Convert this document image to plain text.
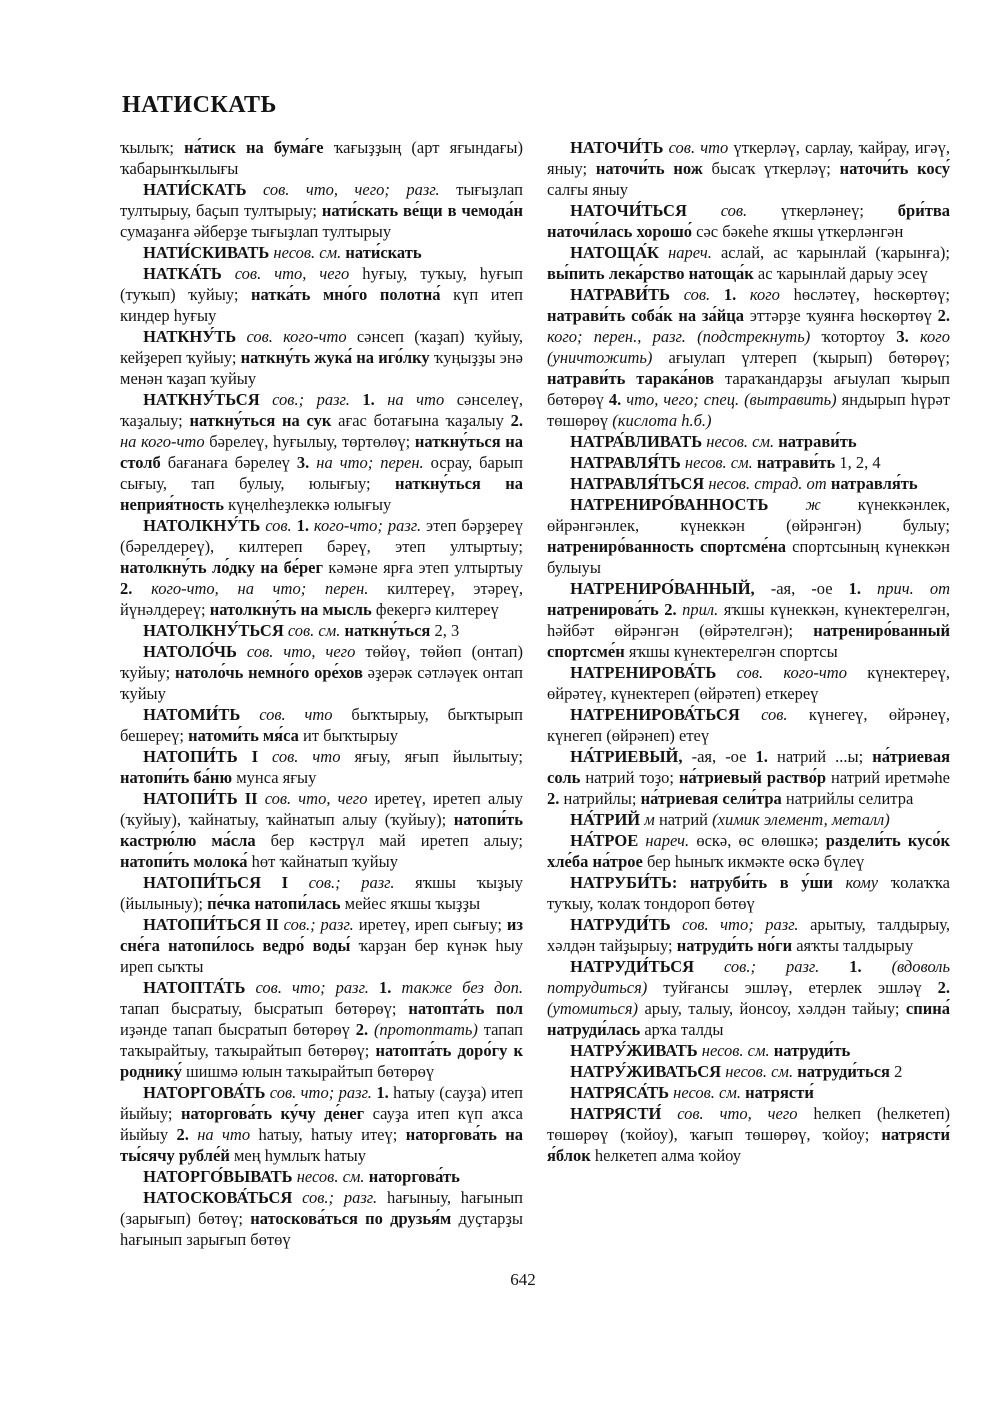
НАТИСКАТЬ

ҡылыҡ; на́тиск на бума́ге ҡағыҙҙың (арт яғындағы) ҡабарынҡылығы

НАТИ́СКАТЬ сов. что, чего; разг. тығыҙлап тултырыу, баҫып тултырыу; нати́скать ве́щи в чемода́н сумаҙанға әйберҙе тығыҙлап тултырыу

НАТИ́СКИВАТЬ несов. см. нати́скать

НАТКА́ТЬ сов. что, чего һуғыу, туҡыу, һуғып (туҡып) ҡуйыу; натка́ть мно́го полотна́ күп итеп киндер һуғыу

НАТКНУ́ТЬ сов. кого-что сәнсеп (ҡаҙап) ҡуйыу, кейҙереп ҡуйыу; наткну́ть жука́ на иго́лку ҡуңыҙҙы энә менән ҡаҙап ҡуйыу

НАТКНУ́ТЬСЯ сов.; разг. 1. на что сәнселеү, ҡаҙалыу; наткну́ться на сук ағас ботағына ҡаҙалыу 2. на кого-что бәрелеү, һуғылыу, төртөлөү; наткну́ться на столб бағанаға бәрелеү 3. на что; перен. осрау, барып сығыу, тап булыу, юлығыу; наткну́ться на неприя́тность күңелһеҙлеккә юлығыу

НАТОЛКНУ́ТЬ сов. 1. кого-что; разг. этеп бәрҙереү (бәрелдереү), килтереп бәреү, этеп ултыртыу; натолкну́ть ло́дку на бе́рег кәмәне ярға этеп ултыртыу 2. кого-что, на что; перен. килтереү, этәреү, йүнәлдереү; натолкну́ть на мысль фекергә килтереү

НАТОЛКНУ́ТЬСЯ сов. см. наткну́ться 2, 3

НАТОЛО́ЧЬ сов. что, чего төйөү, төйөп (онтап) ҡуйыу; натоло́чь немно́го оре́хов әҙерәк сәтләүек онтап ҡуйыу

НАТОМИ́ТЬ сов. что быҡтырыу, быҡтырып бешереү; натоми́ть мя́са ит быҡтырыу

НАТОПИ́ТЬ I сов. что яғыу, яғып йылытыу; натопи́ть ба́ню мунса яғыу

НАТОПИ́ТЬ II сов. что, чего иретеү, иретеп алыу (ҡуйыу), ҡайнатыу, ҡайнатып алыу (ҡуйыу); натопи́ть кастрю́лю ма́сла бер кәстрүл май иретеп алыу; натопи́ть молока́ һөт ҡайнатып ҡуйыу

НАТОПИ́ТЬСЯ I сов.; разг. яҡшы ҡыҙыу (йылыныу); пе́чка натопи́лась мейес яҡшы ҡыҙҙы

НАТОПИ́ТЬСЯ II сов.; разг. иретеү, иреп сығыу; из сне́га натопи́лось ведро́ воды́ ҡарҙан бер күнәк һыу иреп сыҡты

НАТОПТА́ТЬ сов. что; разг. 1. также без доп. тапап бысратыу, бысратып бөтөрөү; натопта́ть пол иҙәнде тапап бысратып бөтөрөү 2. (протоптать) тапап таҡырайтыу, таҡырайтып бөтөрөү; натопта́ть доро́гу к роднику́ шишмә юлын таҡырайтып бөтөрөү

НАТОРГОВА́ТЬ сов. что; разг. 1. һатыу (сауҙа) итеп йыйыу; наторгова́ть ку́чу де́нег сауҙа итеп күп аҡса йыйыу 2. на что һатыу, һатыу итеү; наторгова́ть на ты́сячу рубле́й мең һумлыҡ һатыу

НАТОРГО́ВЫВАТЬ несов. см. наторгова́ть

НАТОСКОВА́ТЬСЯ сов.; разг. һағыныу, һағынып (зарығып) бөтөү; натоскова́ться по друзья́м дуҫтарҙы һағынып зарығып бөтөү

НАТОЧИ́ТЬ сов. что үткерләү, сарлау, ҡайрау, игәү, яныу; наточи́ть нож бысаҡ үткерләү; наточи́ть косу́ салғы яныу

НАТОЧИ́ТЬСЯ сов. үткерләнеү; бри́тва наточи́лась хорошо́ сәс бәкеһе яҡшы үткерләнгән

НАТОЩА́К нареч. аслай, ас ҡарынлай (ҡарынға); вы́пить лека́рство натоща́к ас ҡарынлай дарыу эсеү

НАТРАВИ́ТЬ сов. 1. кого һөсләтеү, һөскөртөү; натрави́ть соба́к на за́йца эттәрҙе ҡуянға һөскөртөү 2. кого; перен., разг. (подстрекнуть) ҡотортоу 3. кого (уничтожить) ағыулап үлтереп (ҡырып) бөтөрөү; натрави́ть тарака́нов тараҡандарҙы ағыулап ҡырып бөтөрөү 4. что, чего; спец. (вытравить) яндырып һүрәт төшөрөү (кислота һ.б.)

НАТРА́ВЛИВАТЬ несов. см. натрави́ть

НАТРАВЛЯ́ТЬ несов. см. натрави́ть 1, 2, 4

НАТРАВЛЯ́ТЬСЯ несов. страд. от натравля́ть

НАТРЕНИРО́ВАННОСТЬ ж күнеккәнлек, өйрәнгәнлек, күнеккән (өйрәнгән) булыу; натрениро́ванность спортсме́на спортсының күнеккән булыуы

НАТРЕНИРО́ВАННЫЙ, -ая, -ое 1. прич. от натренирова́ть 2. прил. яҡшы күнеккән, күнектерелгән, һәйбәт өйрәнгән (өйрәтелгән); натрениро́ванный спортсме́н яҡшы күнектерелгән спортсы

НАТРЕНИРОВА́ТЬ сов. кого-что күнектереү, өйрәтеү, күнектереп (өйрәтеп) еткереү

НАТРЕНИРОВА́ТЬСЯ сов. күнегеү, өйрәнеү, күнегеп (өйрәнеп) етеү

НА́ТРИЕВЫЙ, -ая, -ое 1. натрий ...ы; на́триевая соль натрий тоҙо; на́триевый раство́р натрий иретмәһе 2. натрийлы; на́триевая сели́тра натрийлы селитра

НА́ТРИЙ м натрий (химик элемент, металл)

НА́ТРОЕ нареч. өскә, өс өлөшкә; раздели́ть кусо́к хле́ба на́трое бер һыныҡ икмәкте өскә бүлеү

НАТРУБИ́ТЬ: натруби́ть в у́ши кому ҡолаҡҡа туҡыу, ҡолаҡ тондороп бөтөү

НАТРУДИ́ТЬ сов. что; разг. арытыу, талдырыу, хәлдән тайҙырыу; натруди́ть но́ги аяҡты талдырыу

НАТРУДИ́ТЬСЯ сов.; разг. 1. (вдоволь потрудиться) туйғансы эшләү, етерлек эшләү 2. (утомиться) арыу, талыу, йонсоу, хәлдән тайыу; спина́ натруди́лась арҡа талды

НАТРУ́ЖИВАТЬ несов. см. натруди́ть

НАТРУ́ЖИВАТЬСЯ несов. см. натруди́ться 2

НАТРЯСА́ТЬ несов. см. натрясти́

НАТРЯСТИ́ сов. что, чего һелкеп (һелкетеп) төшөрөү (ҡойоу), ҡағып төшөрөү, ҡойоу; натрясти́ я́блок һелкетеп алма ҡойоу

642
